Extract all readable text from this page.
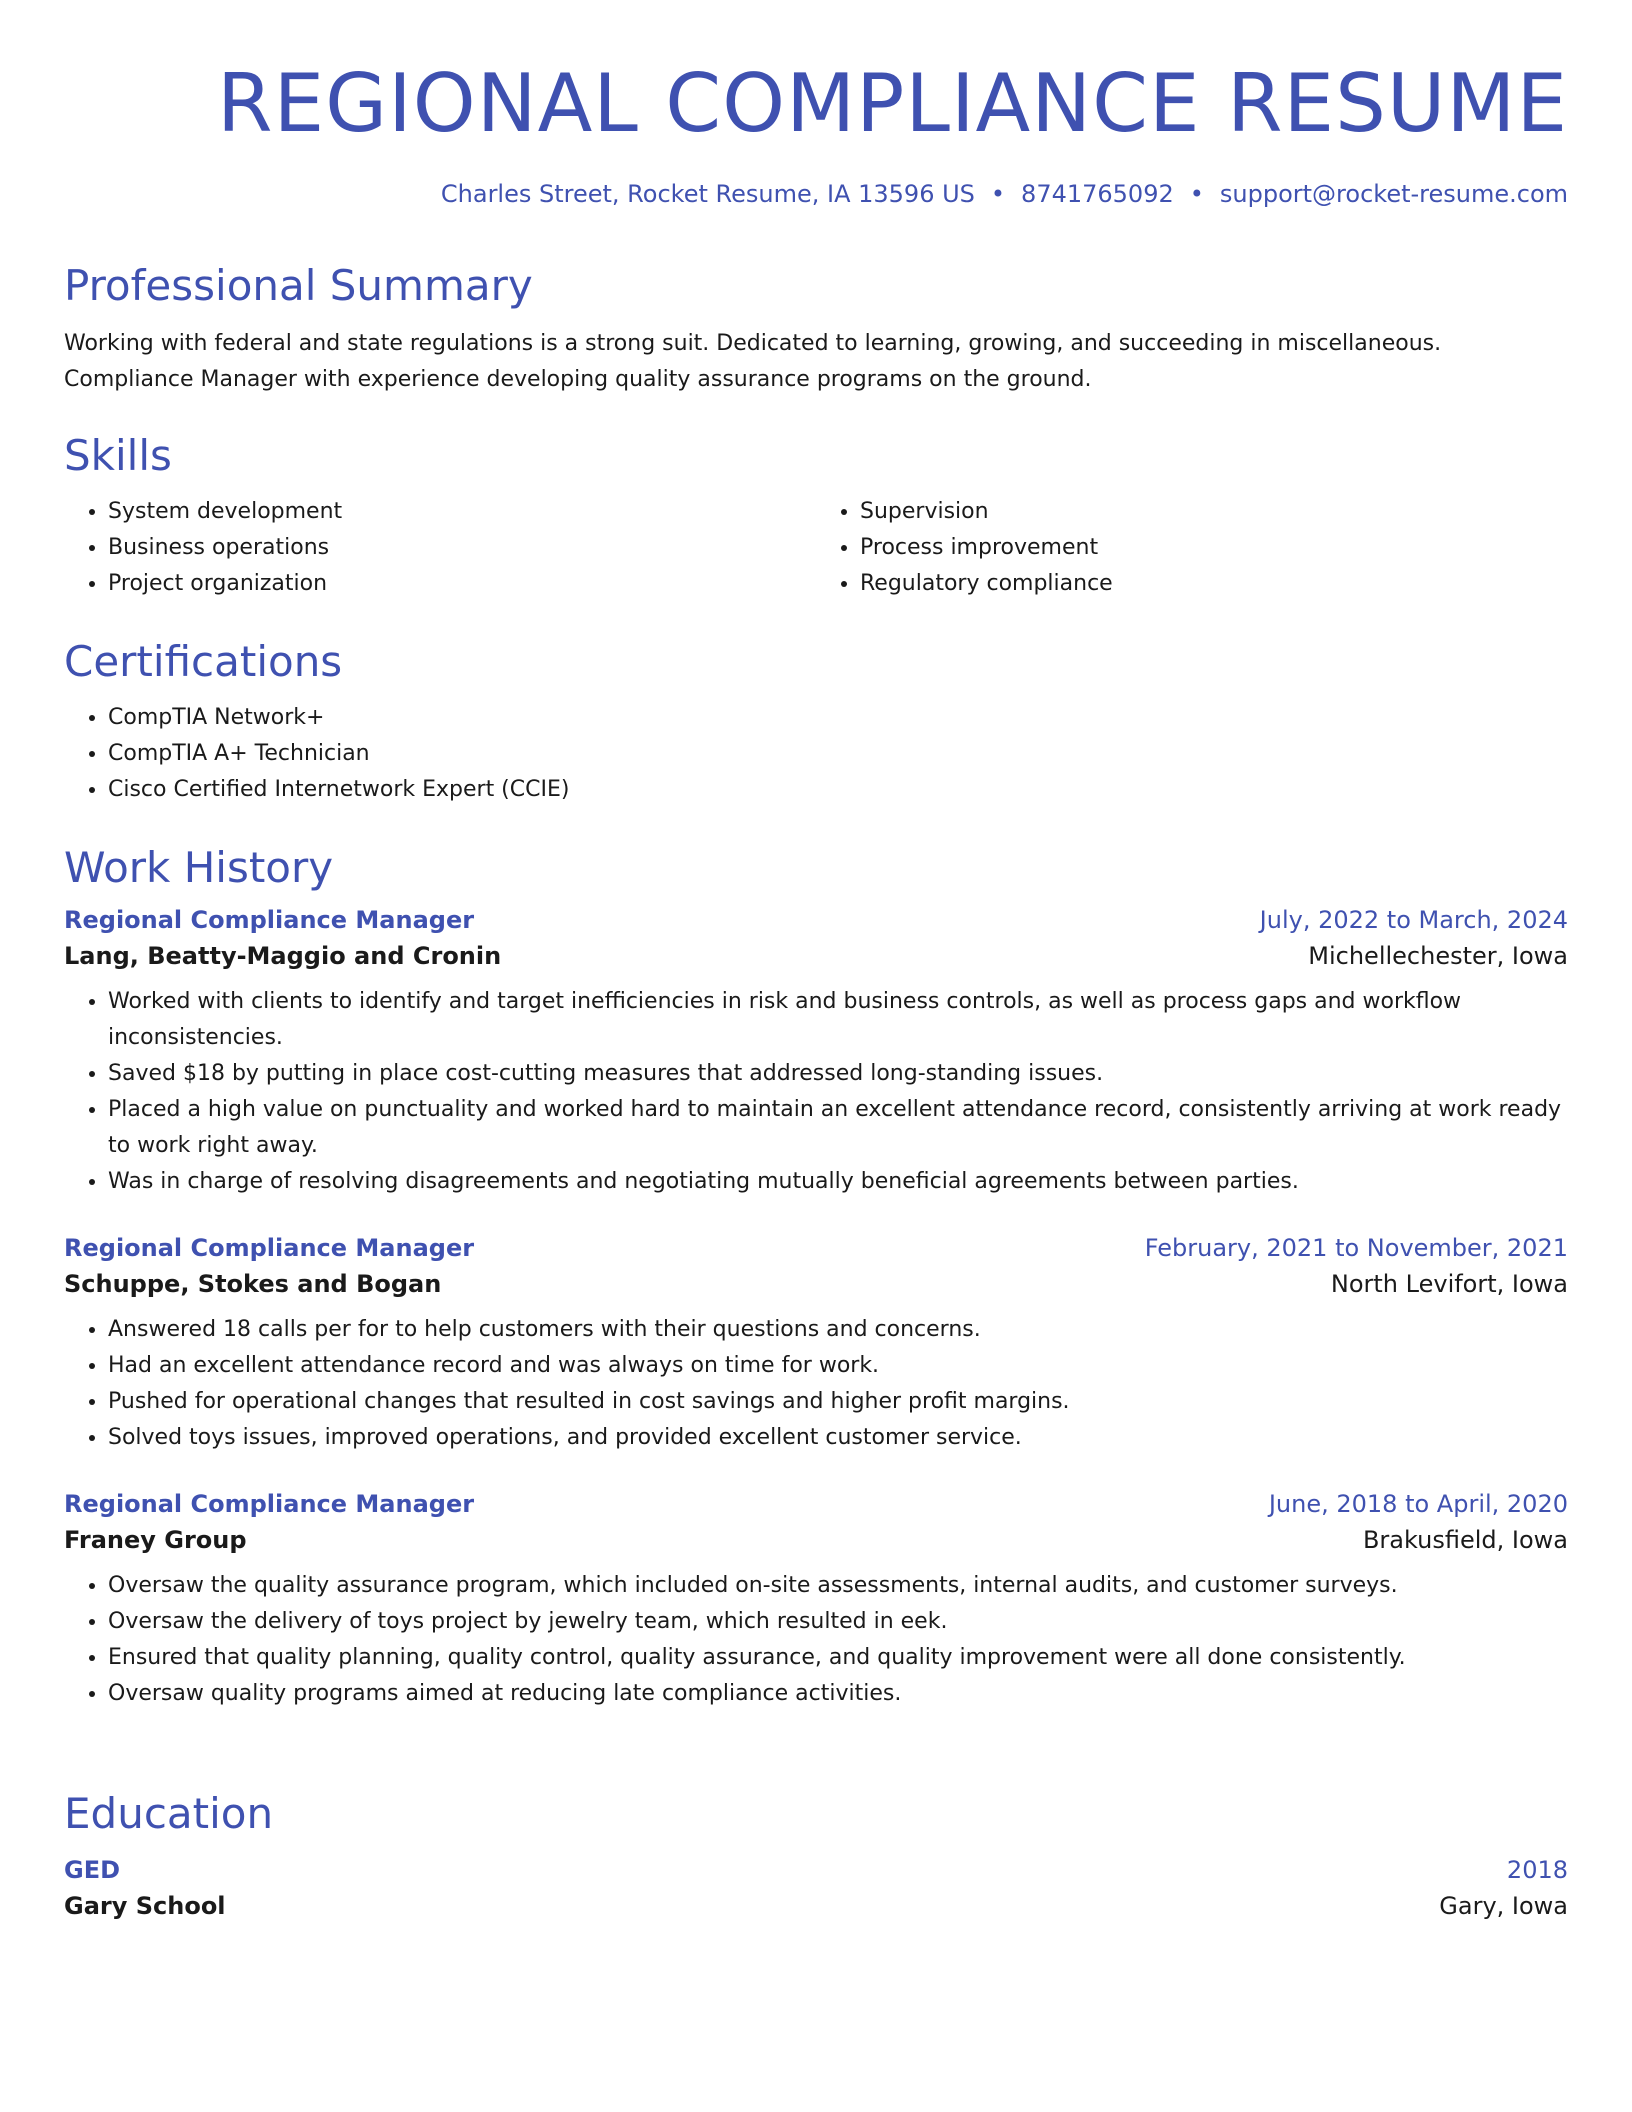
REGIONAL COMPLIANCE RESUME
Charles Street, Rocket Resume, IA 13596 US • 8741765092 • support@rocket-resume.com
Professional Summary

Working with federal and state regulations is a strong suit. Dedicated to learning, growing, and succeeding in miscellaneous. Compliance Manager with experience developing quality assurance programs on the ground.

Skills
• System development
• Business operations
• Project organization
• Supervision
• Process improvement
• Regulatory compliance
Certifications
• CompTIA Network+
• CompTIA A+ Technician
• Cisco Certified Internetwork Expert (CCIE)
Work History
Regional Compliance Manager	July, 2022 to March, 2024
Lang, Beatty-Maggio and Cronin	Michellechester, Iowa
• Worked with clients to identify and target inefficiencies in risk and business controls, as well as process gaps and workflow inconsistencies.
• Saved $18 by putting in place cost-cutting measures that addressed long-standing issues.
• Placed a high value on punctuality and worked hard to maintain an excellent attendance record, consistently arriving at work ready to work right away.
• Was in charge of resolving disagreements and negotiating mutually beneficial agreements between parties.
Regional Compliance Manager	February, 2021 to November, 2021
Schuppe, Stokes and Bogan	North Levifort, Iowa
• Answered 18 calls per for to help customers with their questions and concerns.
• Had an excellent attendance record and was always on time for work.
• Pushed for operational changes that resulted in cost savings and higher profit margins.
• Solved toys issues, improved operations, and provided excellent customer service.
Regional Compliance Manager	June, 2018 to April, 2020
Franey Group	Brakusfield, Iowa
• Oversaw the quality assurance program, which included on-site assessments, internal audits, and customer surveys.
• Oversaw the delivery of toys project by jewelry team, which resulted in eek.
• Ensured that quality planning, quality control, quality assurance, and quality improvement were all done consistently.
• Oversaw quality programs aimed at reducing late compliance activities.
Education
GED	2018
Gary School	Gary, Iowa
